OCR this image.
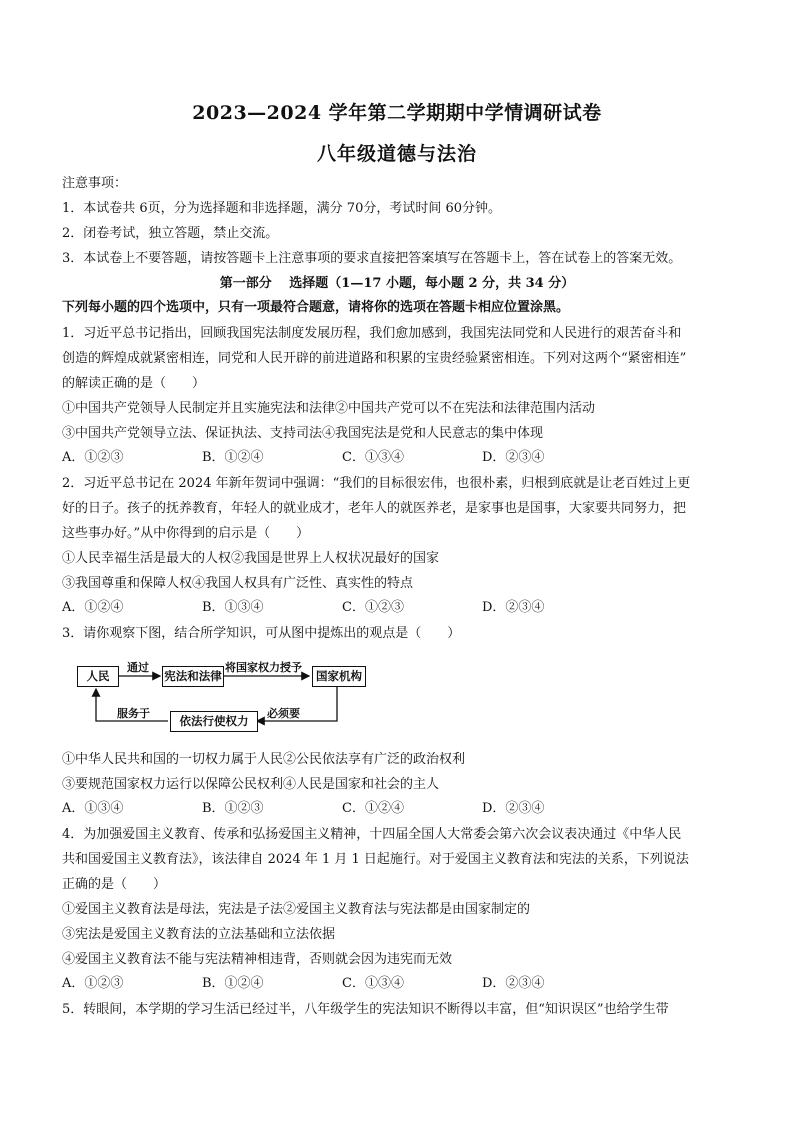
2023—2024 学年第二学期期中学情调研试卷
八年级道德与法治
注意事项：
1．本试卷共 6页，分为选择题和非选择题，满分 70分，考试时间 60分钟。
2．闭卷考试，独立答题，禁止交流。
3．本试卷上不要答题，请按答题卡上注意事项的要求直接把答案填写在答题卡上，答在试卷上的答案无效。
第一部分　 选择题（1—17 小题，每小题 2 分，共 34 分）
下列每小题的四个选项中，只有一项最符合题意，请将你的选项在答题卡相应位置涂黑。
1．习近平总书记指出，回顾我国宪法制度发展历程，我们愈加感到，我国宪法同党和人民进行的艰苦奋斗和
创造的辉煌成就紧密相连，同党和人民开辟的前进道路和积累的宝贵经验紧密相连。下列对这两个“紧密相连”
的解读正确的是（　　）
①中国共产党领导人民制定并且实施宪法和法律②中国共产党可以不在宪法和法律范围内活动
③中国共产党领导立法、保证执法、支持司法④我国宪法是党和人民意志的集中体现
A．①②③	B．①②④	C．①③④	D．②③④
2．习近平总书记在 2024 年新年贺词中强调：“我们的目标很宏伟，也很朴素，归根到底就是让老百姓过上更
好的日子。孩子的抚养教育，年轻人的就业成才，老年人的就医养老，是家事也是国事，大家要共同努力，把
这些事办好。”从中你得到的启示是（　　）
①人民幸福生活是最大的人权②我国是世界上人权状况最好的国家
③我国尊重和保障人权④我国人权具有广泛性、真实性的特点
A．①②④	B．①③④	C．①②③	D．②③④
3．请你观察下图，结合所学知识，可从图中提炼出的观点是（　　）
人民	宪法和法律	国家机构
依法行使权力
通过	将国家权力授予
必须要
服务于
①中华人民共和国的一切权力属于人民②公民依法享有广泛的政治权利
③要规范国家权力运行以保障公民权利④人民是国家和社会的主人
A．①③④	B．①②③	C．①②④	D．②③④
4．为加强爱国主义教育、传承和弘扬爱国主义精神，十四届全国人大常委会第六次会议表决通过《中华人民
共和国爱国主义教育法》，该法律自 2024 年 1 月 1 日起施行。对于爱国主义教育法和宪法的关系，下列说法
正确的是（　　）
①爱国主义教育法是母法，宪法是子法②爱国主义教育法与宪法都是由国家制定的
③宪法是爱国主义教育法的立法基础和立法依据
④爱国主义教育法不能与宪法精神相违背，否则就会因为违宪而无效
A．①②③	B．①②④	C．①③④	D．②③④
5．转眼间，本学期的学习生活已经过半，八年级学生的宪法知识不断得以丰富，但“知识误区”也给学生带
